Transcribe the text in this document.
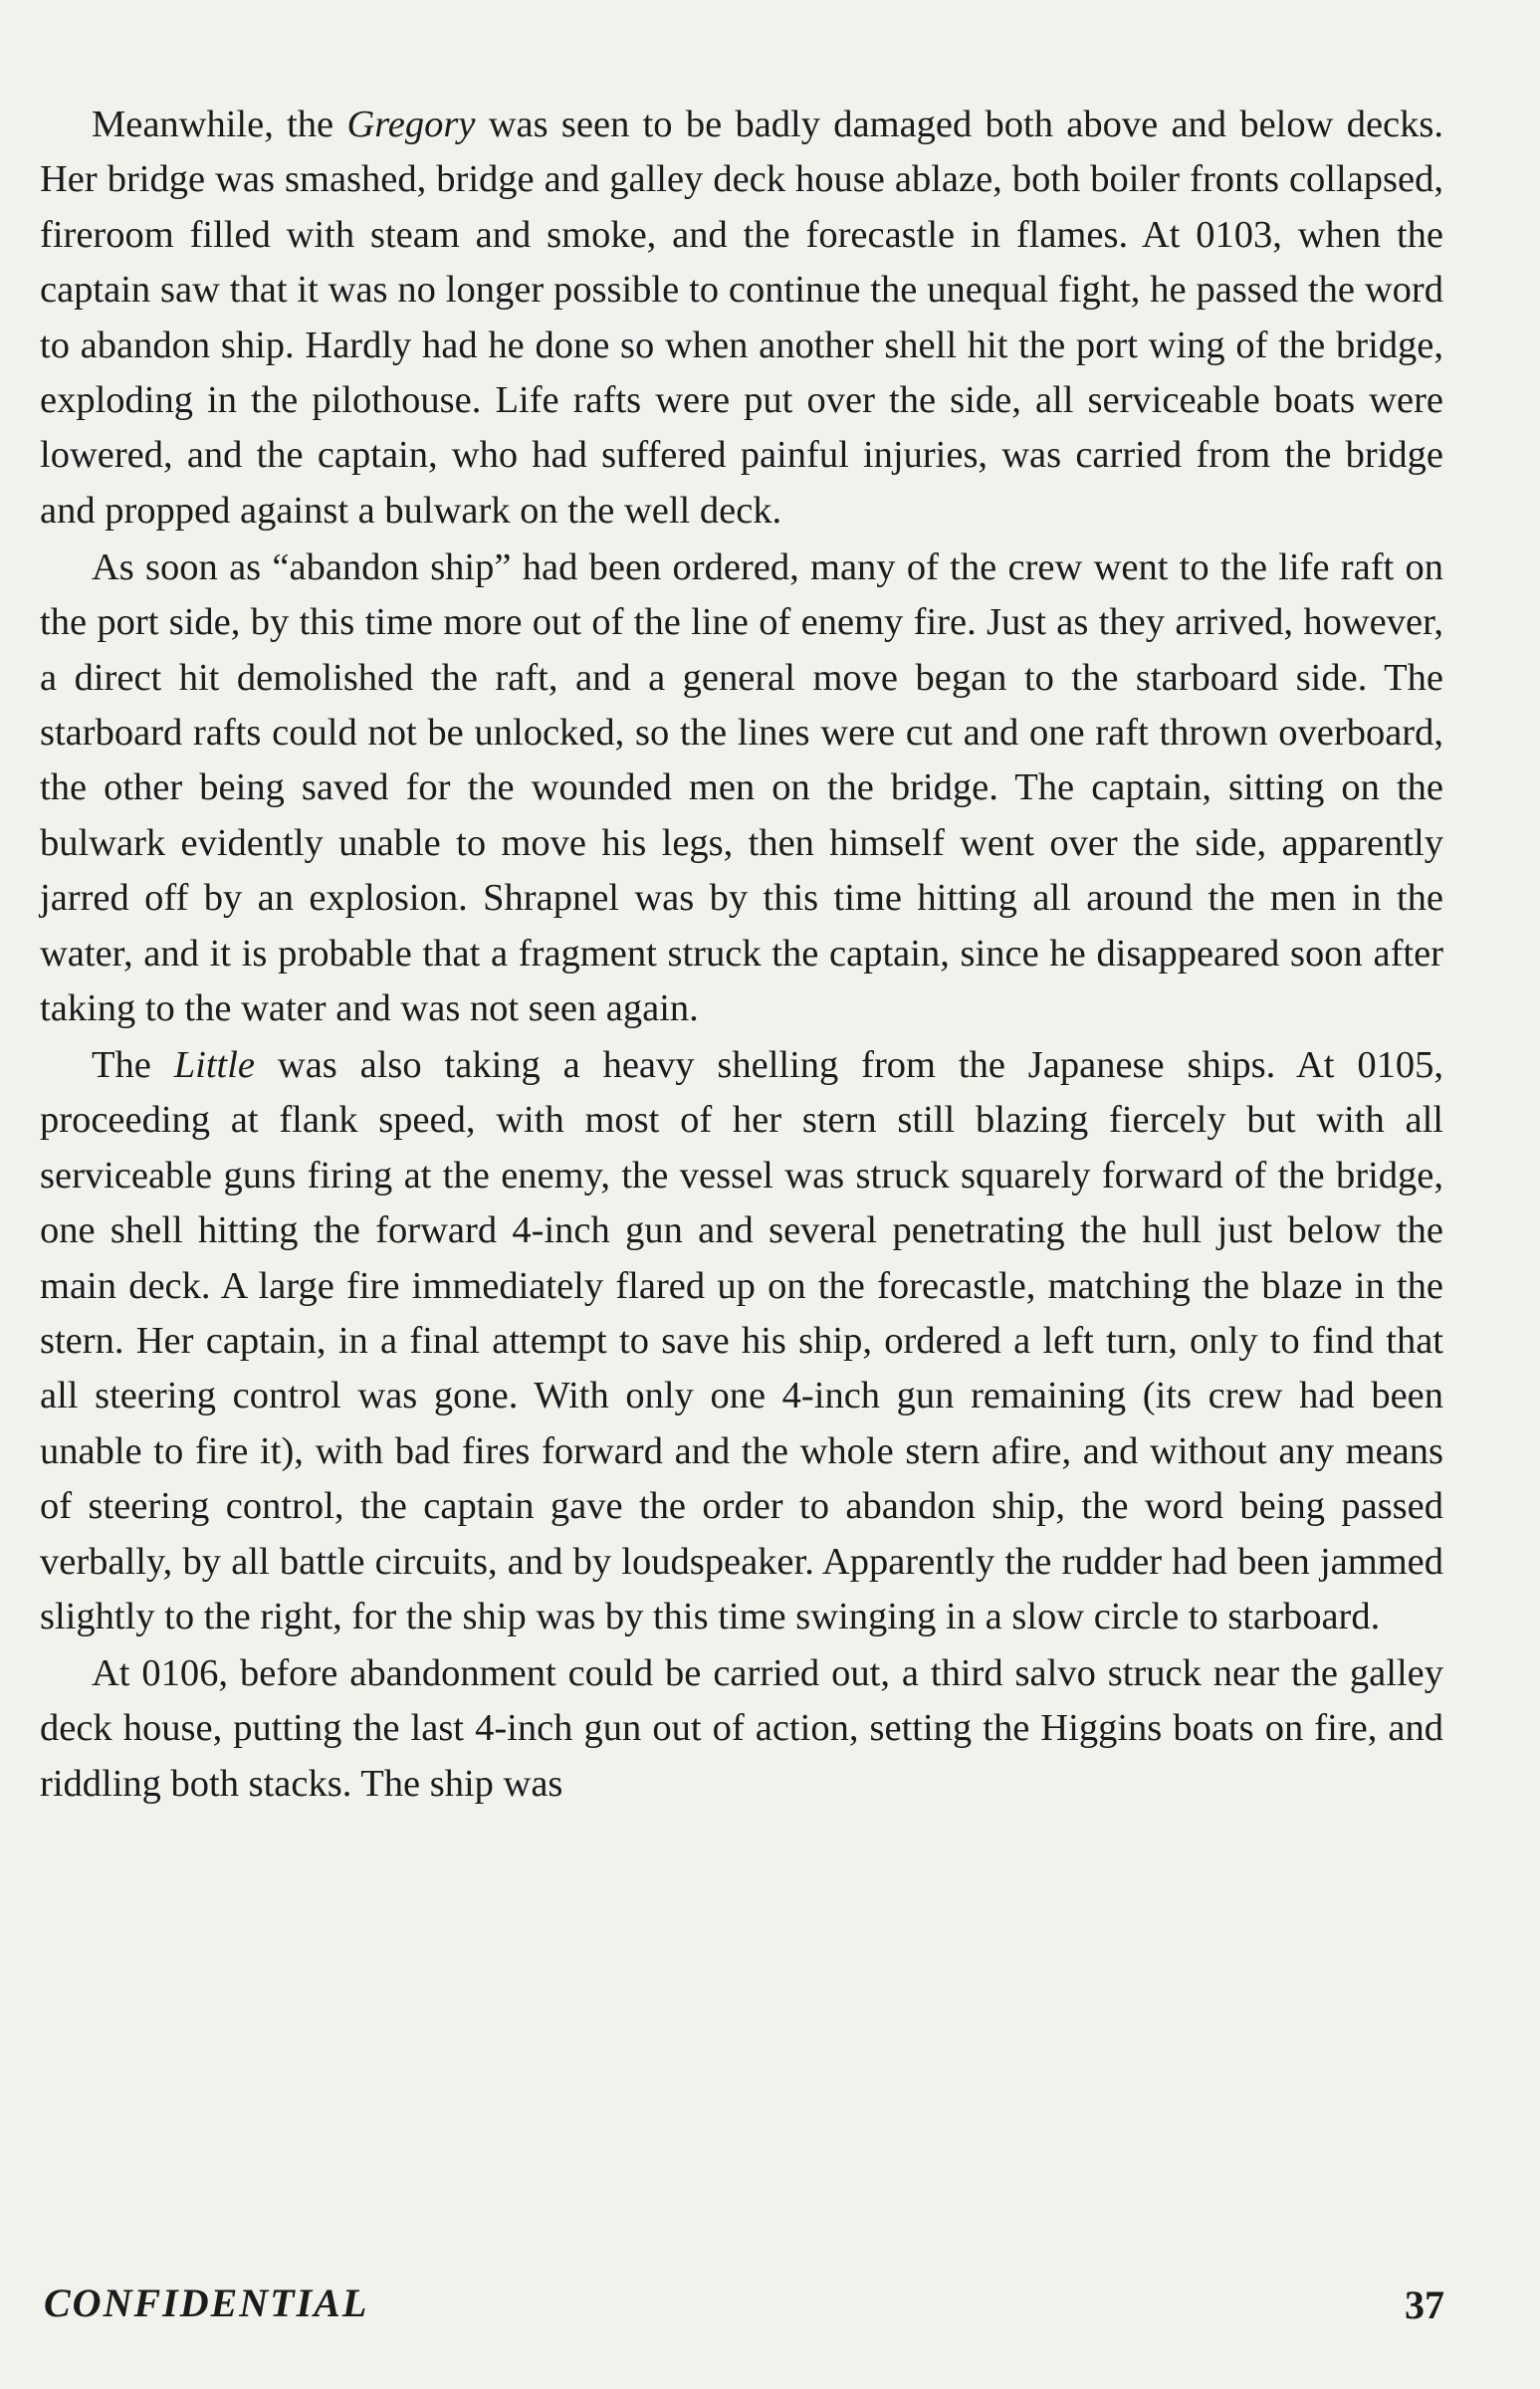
Meanwhile, the Gregory was seen to be badly damaged both above and below decks. Her bridge was smashed, bridge and galley deck house ablaze, both boiler fronts collapsed, fireroom filled with steam and smoke, and the forecastle in flames. At 0103, when the captain saw that it was no longer possible to continue the unequal fight, he passed the word to abandon ship. Hardly had he done so when another shell hit the port wing of the bridge, exploding in the pilothouse. Life rafts were put over the side, all serviceable boats were lowered, and the captain, who had suffered painful injuries, was carried from the bridge and propped against a bulwark on the well deck.

As soon as “abandon ship” had been ordered, many of the crew went to the life raft on the port side, by this time more out of the line of enemy fire. Just as they arrived, however, a direct hit demolished the raft, and a general move began to the starboard side. The starboard rafts could not be unlocked, so the lines were cut and one raft thrown overboard, the other being saved for the wounded men on the bridge. The captain, sitting on the bulwark evidently unable to move his legs, then himself went over the side, apparently jarred off by an explosion. Shrapnel was by this time hitting all around the men in the water, and it is probable that a fragment struck the captain, since he disappeared soon after taking to the water and was not seen again.

The Little was also taking a heavy shelling from the Japanese ships. At 0105, proceeding at flank speed, with most of her stern still blazing fiercely but with all serviceable guns firing at the enemy, the vessel was struck squarely forward of the bridge, one shell hitting the forward 4-inch gun and several penetrating the hull just below the main deck. A large fire immediately flared up on the forecastle, matching the blaze in the stern. Her captain, in a final attempt to save his ship, ordered a left turn, only to find that all steering control was gone. With only one 4-inch gun remaining (its crew had been unable to fire it), with bad fires forward and the whole stern afire, and without any means of steering control, the captain gave the order to abandon ship, the word being passed verbally, by all battle circuits, and by loudspeaker. Apparently the rudder had been jammed slightly to the right, for the ship was by this time swinging in a slow circle to starboard.

At 0106, before abandonment could be carried out, a third salvo struck near the galley deck house, putting the last 4-inch gun out of action, setting the Higgins boats on fire, and riddling both stacks. The ship was

CONFIDENTIAL	37
